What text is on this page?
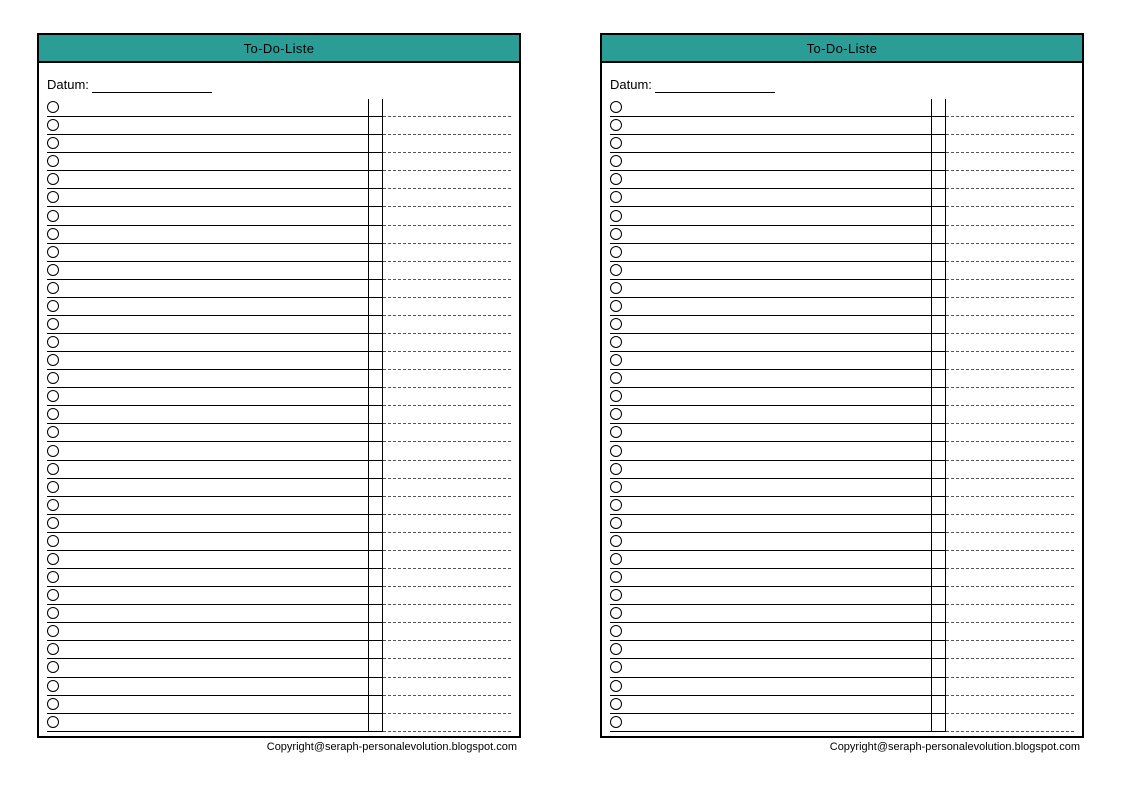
To-Do-Liste
Datum:
Copyright@seraph-personalevolution.blogspot.com
To-Do-Liste
Datum:
Copyright@seraph-personalevolution.blogspot.com
